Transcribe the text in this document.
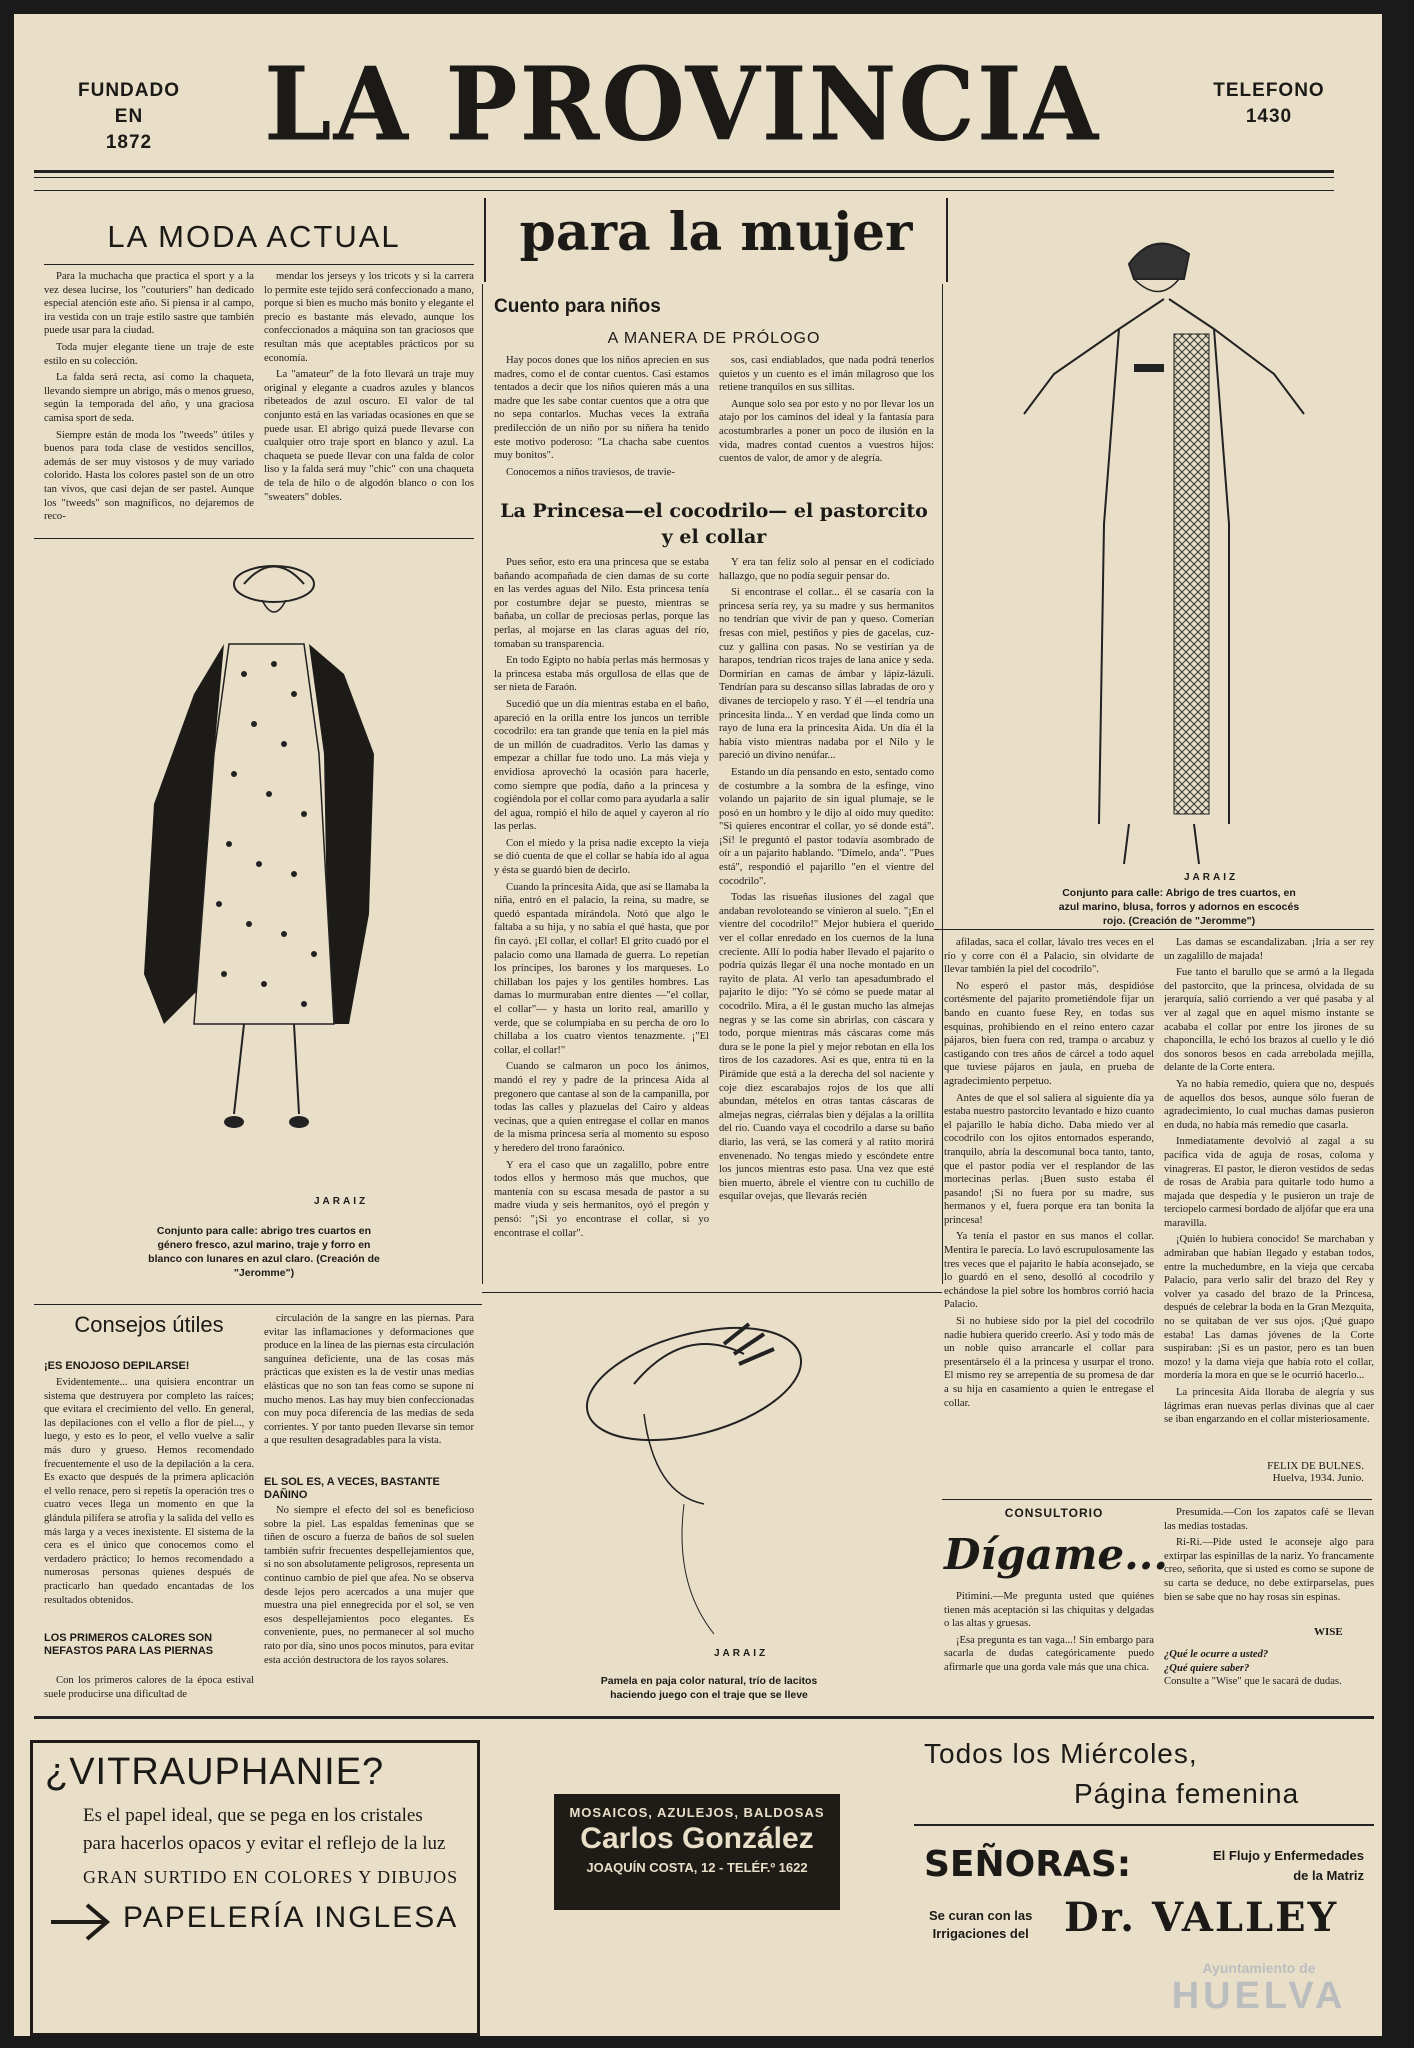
FUNDADO EN
1872	LA PROVINCIA	TELEFONO
1430
para la mujer
LA MODA ACTUAL

Para la muchacha que practica el sport y a la vez desea lucirse, los "couturiers" han dedicado especial atención este año. Si piensa ir al campo, ira vestida con un traje estilo sastre que también puede usar para la ciudad.

Toda mujer elegante tiene un traje de este estilo en su colección.

La falda será recta, así como la chaqueta, llevando siempre un abrigo, más o menos grueso, según la temporada del año, y una graciosa camisa sport de seda.

Siempre están de moda los "tweeds" útiles y buenos para toda clase de vestidos sencillos, además de ser muy vistosos y de muy variado colorido. Hasta los colores pastel son de un otro tan vivos, que casi dejan de ser pastel. Aunque los "tweeds" son magníficos, no dejaremos de reco-

mendar los jerseys y los tricots y si la carrera lo permite este tejido será confeccionado a mano, porque si bien es mucho más bonito y elegante el precio es bastante más elevado, aunque los confeccionados a máquina son tan graciosos que resultan más que aceptables prácticos por su economía.

La "amateur" de la foto llevará un traje muy original y elegante a cuadros azules y blancos ribeteados de azul oscuro. El valor de tal conjunto está en las variadas ocasiones en que se puede usar. El abrigo quizá puede llevarse con cualquier otro traje sport en blanco y azul. La chaqueta se puede llevar con una falda de color liso y la falda será muy "chic" con una chaqueta de tela de hilo o de algodón blanco o con los "sweaters" dobles.

JARAIZ
Conjunto para calle: abrigo tres cuartos en género fresco, azul marino, traje y forro en blanco con lunares en azul claro. (Creación de "Jeromme")
Cuento para niños
A MANERA DE PRÓLOGO

Hay pocos dones que los niños aprecien en sus madres, como el de contar cuentos. Casi estamos tentados a decir que los niños quieren más a una madre que les sabe contar cuentos que a otra que no sepa contarlos. Muchas veces la extraña predilección de un niño por su niñera ha tenido este motivo poderoso: "La chacha sabe cuentos muy bonitos".

Conocemos a niños traviesos, de travie-

sos, casi endiablados, que nada podrá tenerlos quietos y un cuento es el imán milagroso que los retiene tranquilos en sus sillitas.

Aunque solo sea por esto y no por llevar los un atajo por los caminos del ideal y la fantasía para acostumbrarles a poner un poco de ilusión en la vida, madres contad cuentos a vuestros hijos: cuentos de valor, de amor y de alegría.

La Princesa—el cocodrilo— el pastorcito
y el collar

Pues señor, esto era una princesa que se estaba bañando acompañada de cien damas de su corte en las verdes aguas del Nilo. Esta princesa tenía por costumbre dejar se puesto, mientras se bañaba, un collar de preciosas perlas, porque las perlas, al mojarse en las claras aguas del río, tomaban su transparencia.

En todo Egipto no había perlas más hermosas y la princesa estaba más orgullosa de ellas que de ser nieta de Faraón.

Sucedió que un día mientras estaba en el baño, apareció en la orilla entre los juncos un terrible cocodrilo: era tan grande que tenía en la piel más de un millón de cuadraditos. Verlo las damas y empezar a chillar fue todo uno. La más vieja y envidiosa aprovechó la ocasión para hacerle, como siempre que podía, daño a la princesa y cogiéndola por el collar como para ayudarla a salir del agua, rompió el hilo de aquel y cayeron al río las perlas.

Con el miedo y la prisa nadie excepto la vieja se dió cuenta de que el collar se había ido al agua y ésta se guardó bien de decirlo.

Cuando la princesita Aida, que así se llamaba la niña, entró en el palacio, la reina, su madre, se quedó espantada mirándola. Notó que algo le faltaba a su hija, y no sabía el qué hasta, que por fin cayó. ¡El collar, el collar! El grito cuadó por el palacio como una llamada de guerra. Lo repetían los príncipes, los barones y los marqueses. Lo chillaban los pajes y los gentiles hombres. Las damas lo murmuraban entre dientes —"el collar, el collar"— y hasta un lorito real, amarillo y verde, que se columpiaba en su percha de oro lo chillaba a los cuatro vientos tenazmente. ¡"El collar, el collar!"

Cuando se calmaron un poco los ánimos, mandó el rey y padre de la princesa Aida al pregonero que cantase al son de la campanilla, por todas las calles y plazuelas del Cairo y aldeas vecinas, que a quien entregase el collar en manos de la misma princesa sería al momento su esposo y heredero del trono faraónico.

Y era el caso que un zagalillo, pobre entre todos ellos y hermoso más que muchos, que mantenía con su escasa mesada de pastor a su madre viuda y seis hermanitos, oyó el pregón y pensó: "¡Si yo encontrase el collar, si yo encontrase el collar".

Y era tan feliz solo al pensar en el codiciado hallazgo, que no podía seguir pensar do.

Si encontrase el collar... él se casaría con la princesa sería rey, ya su madre y sus hermanitos no tendrían que vivir de pan y queso. Comerían fresas con miel, pestiños y pies de gacelas, cuz-cuz y gallina con pasas. No se vestirían ya de harapos, tendrían ricos trajes de lana anice y seda. Dormirían en camas de ámbar y lápiz-lázuli. Tendrían para su descanso sillas labradas de oro y divanes de terciopelo y raso. Y él —el tendría una princesita linda... Y en verdad que linda como un rayo de luna era la princesita Aida. Un día él la había visto mientras nadaba por el Nilo y le pareció un divino nenúfar...

Estando un día pensando en esto, sentado como de costumbre a la sombra de la esfinge, vino volando un pajarito de sin igual plumaje, se le posó en un hombro y le dijo al oído muy quedito: "Si quieres encontrar el collar, yo sé donde está". ¡Sí! le preguntó el pastor todavía asombrado de oír a un pajarito hablando. "Dímelo, anda". "Pues está", respondió el pajarillo "en el vientre del cocodrilo".

Todas las risueñas ilusiones del zagal que andaban revoloteando se vinieron al suelo. "¡En el vientre del cocodrilo!" Mejor hubiera el querido ver el collar enredado en los cuernos de la luna creciente. Allí lo podía haber llevado el pajarito o podría quizás llegar él una noche montado en un rayito de plata. Al verlo tan apesadumbrado el pajarito le dijo: "Yo sé cómo se puede matar al cocodrilo. Mira, a él le gustan mucho las almejas negras y se las come sin abrirlas, con cáscara y todo, porque mientras más cáscaras come más dura se le pone la piel y mejor rebotan en ella los tiros de los cazadores. Así es que, entra tú en la Pirámide que está a la derecha del sol naciente y coje diez escarabajos rojos de los que allí abundan, mételos en otras tantas cáscaras de almejas negras, ciérralas bien y déjalas a la orillita del río. Cuando vaya el cocodrilo a darse su baño diario, las verá, se las comerá y al ratito morirá envenenado. No tengas miedo y escóndete entre los juncos mientras esto pasa. Una vez que esté bien muerto, ábrele el vientre con tu cuchillo de esquilar ovejas, que llevarás recién

JARAIZ
Conjunto para calle: Abrigo de tres cuartos, en azul marino, blusa, forros y adornos en escocés rojo. (Creación de "Jeromme")

afiladas, saca el collar, lávalo tres veces en el río y corre con él a Palacio, sin olvidarte de llevar también la piel del cocodrilo".

No esperó el pastor más, despidióse cortésmente del pajarito prometiéndole fijar un bando en cuanto fuese Rey, en todas sus esquinas, prohibiendo en el reino entero cazar pájaros, bien fuera con red, trampa o arcabuz y castigando con tres años de cárcel a todo aquel que tuviese pájaros en jaula, en prueba de agradecimiento perpetuo.

Antes de que el sol saliera al siguiente día ya estaba nuestro pastorcito levantado e hizo cuanto el pajarillo le había dicho. Daba miedo ver al cocodrilo con los ojitos entornados esperando, tranquilo, abría la descomunal boca tanto, tanto, que el pastor podía ver el resplandor de las mortecinas perlas. ¡Buen susto estaba él pasando! ¡Si no fuera por su madre, sus hermanos y el, fuera porque era tan bonita la princesa!

Ya tenía el pastor en sus manos el collar. Mentira le parecía. Lo lavó escrupulosamente las tres veces que el pajarito le había aconsejado, se lo guardó en el seno, desolló al cocodrilo y echándose la piel sobre los hombros corrió hacia Palacio.

Si no hubiese sido por la piel del cocodrilo nadie hubiera querido creerlo. Así y todo más de un noble quiso arrancarle el collar para presentárselo él a la princesa y usurpar el trono. El mismo rey se arrepentía de su promesa de dar a su hija en casamiento a quien le entregase el collar.

Las damas se escandalizaban. ¡Iría a ser rey un zagalillo de majada!

Fue tanto el barullo que se armó a la llegada del pastorcito, que la princesa, olvidada de su jerarquía, salió corriendo a ver qué pasaba y al ver al zagal que en aquel mismo instante se acababa el collar por entre los jirones de su chaponcilla, le echó los brazos al cuello y le dió dos sonoros besos en cada arrebolada mejilla, delante de la Corte entera.

Ya no había remedio, quiera que no, después de aquellos dos besos, aunque sólo fueran de agradecimiento, lo cual muchas damas pusieron en duda, no había más remedio que casarla.

Inmediatamente devolvió al zagal a su pacífica vida de aguja de rosas, coloma y vinagreras. El pastor, le dieron vestidos de sedas de rosas de Arabia para quitarle todo humo a majada que despedía y le pusieron un traje de terciopelo carmesí bordado de aljófar que era una maravilla.

¡Quién lo hubiera conocido! Se marchaban y admiraban que habían llegado y estaban todos, entre la muchedumbre, en la vieja que cercaba Palacio, para verlo salir del brazo del Rey y volver ya casado del brazo de la Princesa, después de celebrar la boda en la Gran Mezquita, no se quitaban de ver sus ojos. ¡Qué guapo estaba! Las damas jóvenes de la Corte suspiraban: ¡Si es un pastor, pero es tan buen mozo! y la dama vieja que había roto el collar, mordería la mora en que se le ocurrió hacerlo...

La princesita Aida lloraba de alegría y sus lágrimas eran nuevas perlas divinas que al caer se iban engarzando en el collar misteriosamente.

FELIX DE BULNES.
Huelva, 1934. Junio.
JARAIZ
Pamela en paja color natural, trío de lacitos haciendo juego con el traje que se lleve
Consejos útiles
¡ES ENOJOSO DEPILARSE!

Evidentemente... una quisiera encontrar un sistema que destruyera por completo las raíces; que evitara el crecimiento del vello. En general, las depilaciones con el vello a flor de piel..., y luego, y esto es lo peor, el vello vuelve a salir más duro y grueso. Hemos recomendado frecuentemente el uso de la depilación a la cera. Es exacto que después de la primera aplicación el vello renace, pero si repetís la operación tres o cuatro veces llega un momento en que la glándula pilífera se atrofia y la salida del vello es más larga y a veces inexistente. El sistema de la cera es el único que conocemos como el verdadero práctico; lo hemos recomendado a numerosas personas quienes después de practicarlo han quedado encantadas de los resultados obtenidos.

LOS PRIMEROS CALORES SON NEFASTOS PARA LAS PIERNAS

Con los primeros calores de la época estival suele producirse una dificultad de

circulación de la sangre en las piernas. Para evitar las inflamaciones y deformaciones que produce en la línea de las piernas esta circulación sanguínea deficiente, una de las cosas más prácticas que existen es la de vestir unas medias elásticas que no son tan feas como se supone ni mucho menos. Las hay muy bien confeccionadas con muy poca diferencia de las medias de seda corrientes. Y por tanto pueden llevarse sin temor a que resulten desagradables para la vista.

EL SOL ES, A VECES, BASTANTE DAÑINO

No siempre el efecto del sol es beneficioso sobre la piel. Las espaldas femeninas que se tiñen de oscuro a fuerza de baños de sol suelen también sufrir frecuentes despellejamientos que, si no son absolutamente peligrosos, representa un continuo cambio de piel que afea. No se observa desde lejos pero acercados a una mujer que muestra una piel ennegrecida por el sol, se ven esos despellejamientos poco elegantes. Es conveniente, pues, no permanecer al sol mucho rato por día, sino unos pocos minutos, para evitar esta acción destructora de los rayos solares.

CONSULTORIO
Dígame...

Pitimini.—Me pregunta usted que quiénes tienen más aceptación si las chiquitas y delgadas o las altas y gruesas.

¡Esa pregunta es tan vaga...! Sin embargo para sacarla de dudas categóricamente puedo afirmarle que una gorda vale más que una chica.

Presumida.—Con los zapatos café se llevan las medias tostadas.

Ri-Ri.—Pide usted le aconseje algo para extirpar las espinillas de la nariz. Yo francamente creo, señorita, que si usted es como se supone de su carta se deduce, no debe extirparselas, pues bien se sabe que no hay rosas sin espinas.

WISE
¿Qué le ocurre a usted?
¿Qué quiere saber?
Consulte a "Wise" que le sacará de dudas.
¿VITRAUPHANIE?
Es el papel ideal, que se pega en los cristales
para hacerlos opacos y evitar el reflejo de la luz
GRAN SURTIDO EN COLORES Y DIBUJOS
PAPELERÍA INGLESA
MOSAICOS, AZULEJOS, BALDOSAS
Carlos González
JOAQUÍN COSTA, 12 - TELÉF.º 1622
Todos los Miércoles,
Página femenina
SEÑORAS:	El Flujo y Enfermedades
de la Matriz
Se curan con las
Irrigaciones del Dr. VALLEY
Ayuntamiento de
HUELVA
